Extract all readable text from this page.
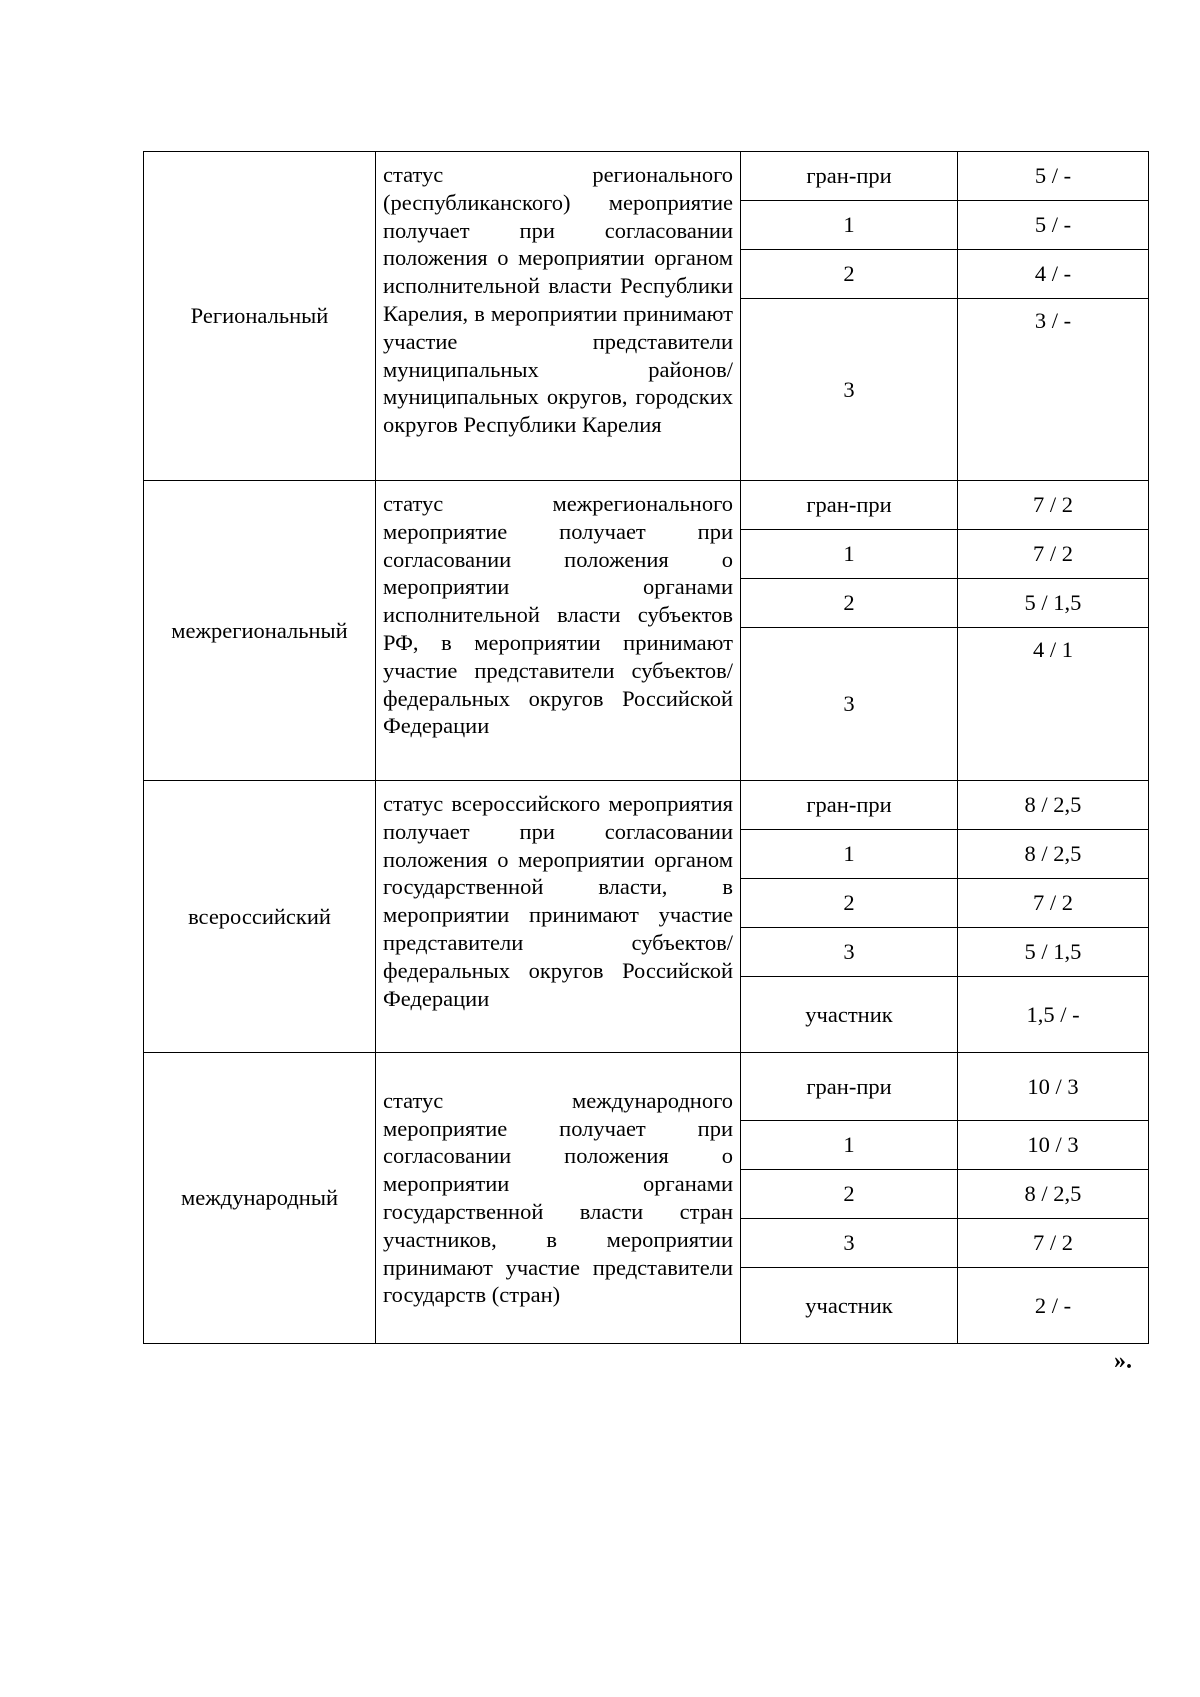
Региональный	статус регионального (республиканского) мероприятие получает при согласовании положения о мероприятии органом исполнительной власти Республики Карелия, в мероприятии принимают участие представители муниципальных районов/муниципальных округов, городских округов Республики Карелия	гран-при	5 / -
		1	5 / -
		2	4 / -
		3	3 / -
межрегиональный	статус межрегионального мероприятие получает при согласовании положения о мероприятии органами исполнительной власти субъектов РФ, в мероприятии принимают участие представители субъектов/федеральных округов Российской Федерации	гран-при	7 / 2
		1	7 / 2
		2	5 / 1,5
		3	4 / 1
всероссийский	статус всероссийского мероприятия получает при согласовании положения о мероприятии органом государственной власти, в мероприятии принимают участие представители субъектов/федеральных округов Российской Федерации	гран-при	8 / 2,5
		1	8 / 2,5
		2	7 / 2
		3	5 / 1,5
		участник	1,5 / -
международный	статус международного мероприятие получает при согласовании положения о мероприятии органами государственной власти стран участников, в мероприятии принимают участие представители государств (стран)	гран-при	10 / 3
		1	10 / 3
		2	8 / 2,5
		3	7 / 2
		участник	2 / -
».
